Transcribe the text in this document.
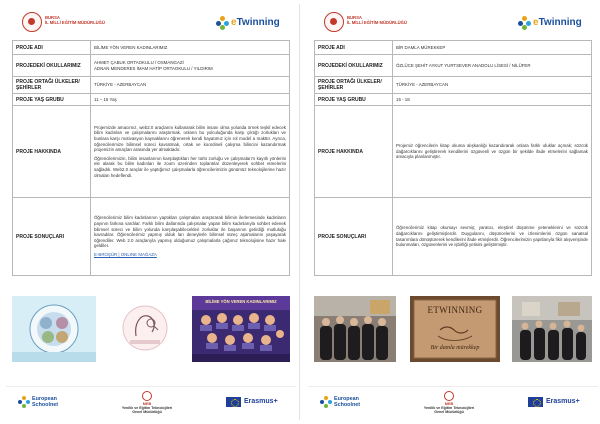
BURSA
İL MİLLİ EĞİTİM MÜDÜRLÜĞÜ	eTwinning
PROJE ADI	BİLİME YÖN VEREN KADINLARIMIZ
PROJEDEKİ OKULLARIMIZ	AHMET ÇABUK ORTAOKULU / OSMANGAZİ
ADNAN MENDERES İMAM HATİP ORTAOKULU / YILDIRIM

PROJE ORTAĞI ÜLKELER/ŞEHİRLER	TÜRKİYE - AZERBAYCAN
PROJE YAŞ GRUBU	11 – 15 Yaş
PROJE HAKKINDA	Projemizde amacımız, web2.0 araçlarını kullanarak bilim insanı olma yolunda örnek teşkil edecek bilim kadınları ve çalışmalarını araştırmak. onların bu yolculuğunda karşı çıktığı zorlukları ve bunlara karşı motivasyon kaynaklarını öğrenerek kendi hayatımız için rol model a makttır. Ayrıca, öğrencilerimize bilimsel süreci kavratmak, ortak ve koordineli çalışma bilincini kazandırmak projemizin amaçları arasında yer almaktadır.

Öğrencilerimizin, bilim insanlarının karşılaştıkları her türlü zorluğu ve çalışmaları'n kayıtlı yönlerini ele alarak bu bilim kadınları ile zoom üzerinden toplantılar düzenleyerek sohbet etmelerini sağladık. Web2.0 araçlar ile yaptığımız çalışmalarla öğrencilerimizin günümüz teknolojilerine hazır olmaları hedeflendi.

PROJE SONUÇLARI	Öğrencilerimiz bilim kadınlarının yaptıkları çalışmaları araştırarak bilimin ilerlemesinde kadınların payının farkına vardılar. Farklı bilim dallarında çalışmalar yapan bilim kadınlarıyla sohbet edenek bilimsel süreci ve bilim yolunda karşılaşabilecekleri zorluklar ile başarının getirdiği mutluluğu kavradılar. Öğrencilerimiz yapmış olduk ları deneylerle bilimsel süreç aşamalarını yaşayarak öğrendiler. Web 2.0 araçlarıyla yapmış olduğumuz çalışmalarla çağımız teknolojisine hazır hale geldiler.

E-BROŞÜR | ONLINE MAĞAZA

BİLİME YÖN VEREN KADINLARIMIZ
European
Schoolnet	MEB
Yenilik ve Eğitim Teknolojileri
Genel Müdürlüğü
Erasmus+
BURSA
İL MİLLİ EĞİTİM MÜDÜRLÜĞÜ	eTwinning
PROJE ADI	BİR DAMLA MÜREKKEP
PROJEDEKİ OKULLARIMIZ	ÖZLÜCE ŞEHİT AYKUT YURTSEVER ANADOLU LİSESİ / NİLÜFER
PROJE ORTAĞI ÜLKELER/ŞEHİRLER	TÜRKİYE - AZERBAYCAN
PROJE YAŞ GRUBU	15 - 18
PROJE HAKKINDA	Projemiz öğrencilerin kitap okuma alışkanlığı kazandırarak onlara farklı ufuklar açmak; sözcük dağarcıklarını geliştirerek kendilerini özgüvenli ve özgün bir şekilde ifade etmelerini sağlamak amacıyla planlanmıştır.

PROJE SONUÇLARI	Öğrencilerimiz kitap okumayı sevmiş; yaratıcı, eleştirel düşünme yeteneklerini ve sözcük dağarcıklarını geliştirmişlerdir. Duygularını, düşüncelerini ve izlenimlerini özgün sanatsal tasarımlara dönüştürerek kendilerini ifade etmişlerdir. Öğrencilerimizin yapıtlarıyla fikir alışverişinde bulunmaları, özgüvenlerini ve işbirliği yetisini geliştirmiştir.

ETWINNING
Bir damla mürekkep
European
Schoolnet	MEB
Yenilik ve Eğitim Teknolojileri
Genel Müdürlüğü
Erasmus+
